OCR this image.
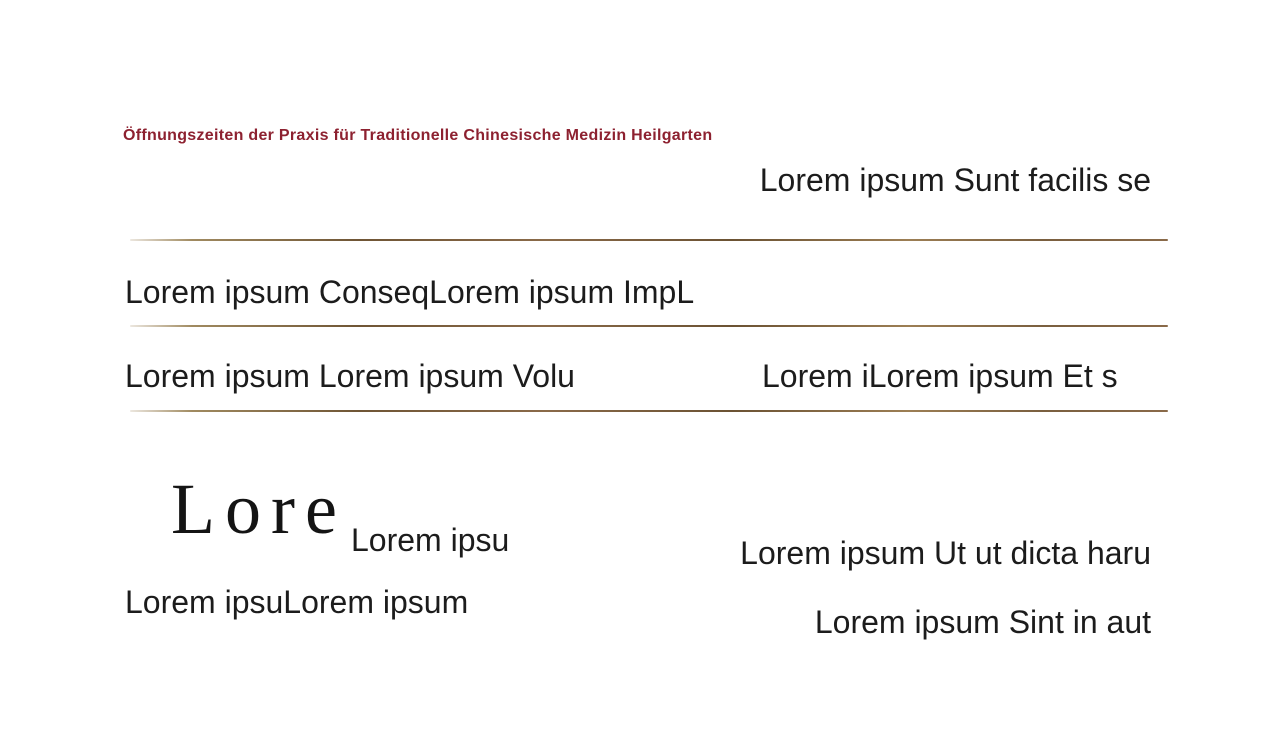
Öffnungszeiten der Praxis für Traditionelle Chinesische Medizin Heilgarten
Lorem ipsum Sunt facilis se
Lorem ipsum ConseqLorem ipsum ImpL
Lorem ipsum Lorem ipsum Volu	Lorem iLorem ipsum Et s
Lore Lorem ipsu	Lorem ipsum Ut ut dicta haru
Lorem ipsuLorem ipsum
Lorem ipsum Sint in aut
